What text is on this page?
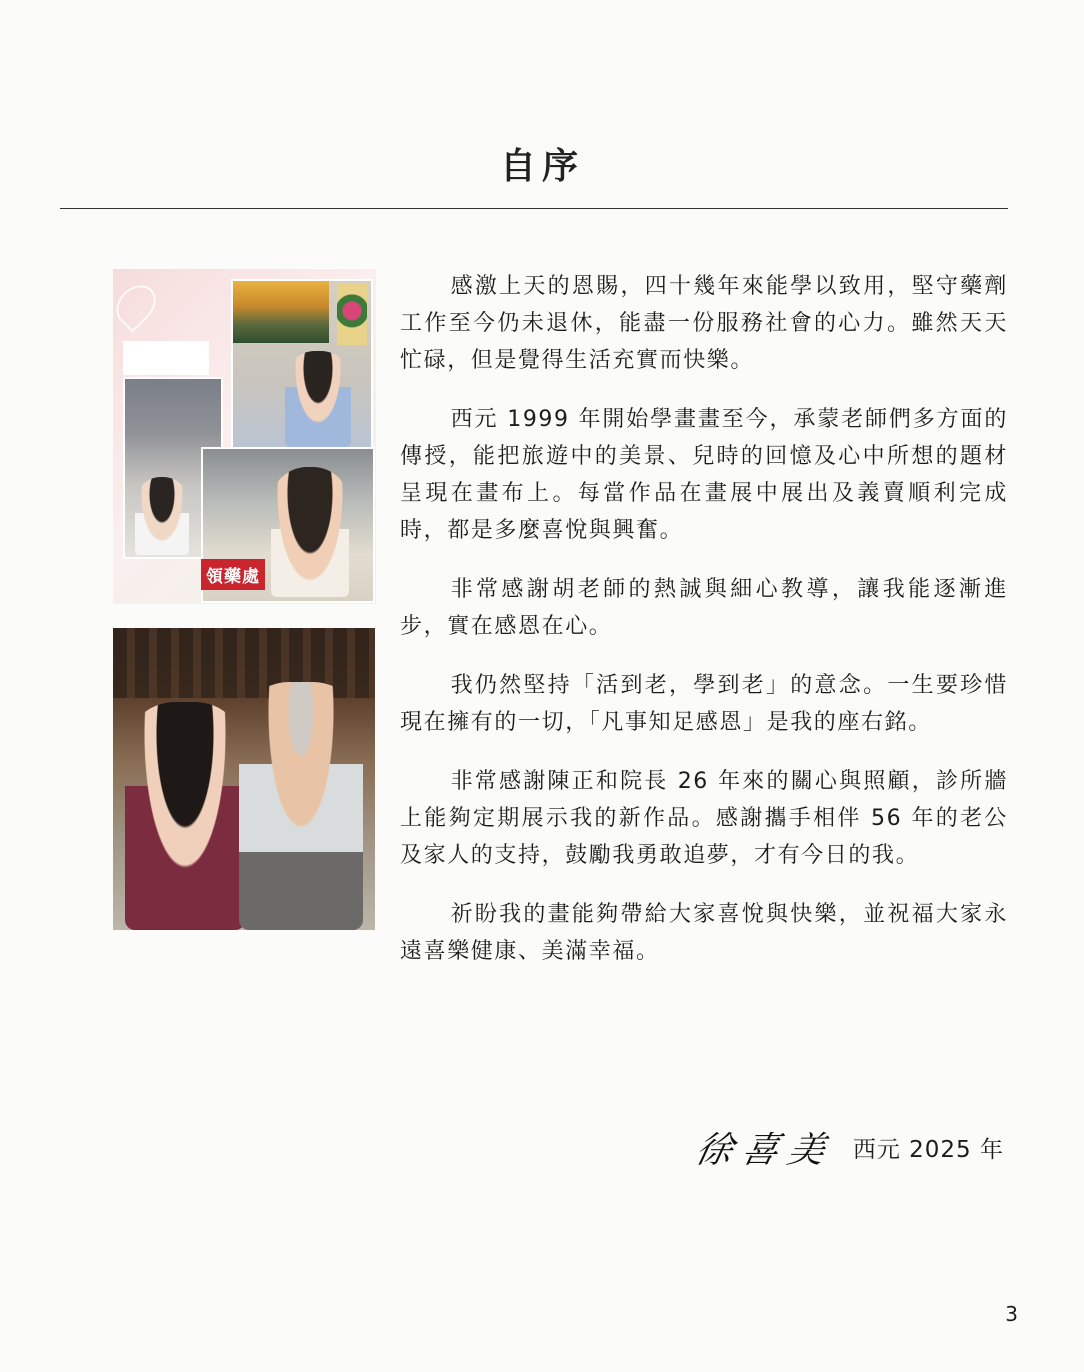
自序
領藥處

感激上天的恩賜，四十幾年來能學以致用，堅守藥劑工作至今仍未退休，能盡一份服務社會的心力。雖然天天忙碌，但是覺得生活充實而快樂。

西元 1999 年開始學畫畫至今，承蒙老師們多方面的傳授，能把旅遊中的美景、兒時的回憶及心中所想的題材呈現在畫布上。每當作品在畫展中展出及義賣順利完成時，都是多麼喜悅與興奮。

非常感謝胡老師的熱誠與細心教導，讓我能逐漸進步，實在感恩在心。

我仍然堅持「活到老，學到老」的意念。一生要珍惜現在擁有的一切，「凡事知足感恩」是我的座右銘。

非常感謝陳正和院長 26 年來的關心與照顧，診所牆上能夠定期展示我的新作品。感謝攜手相伴 56 年的老公及家人的支持，鼓勵我勇敢追夢，才有今日的我。

祈盼我的畫能夠帶給大家喜悅與快樂，並祝福大家永遠喜樂健康、美滿幸福。

徐喜美 西元 2025 年
3
